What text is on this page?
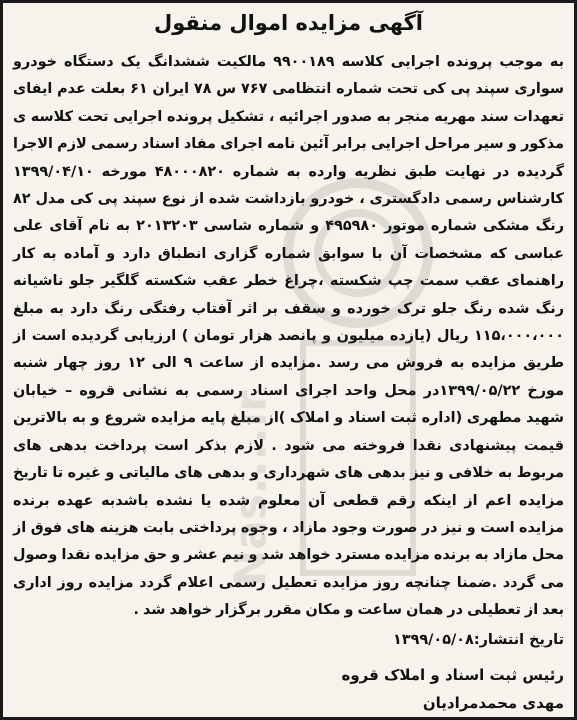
آگهی مزایده اموال منقول
به موجب پرونده اجرایی کلاسه ۹۹۰۰۱۸۹ مالکیت ششدانگ یک دستگاه خودرو سواری سپند پی کی تحت شماره انتظامی ۷۶۷ س ۷۸ ایران ۶۱ بعلت عدم ایفای تعهدات سند مهریه منجر به صدور اجرائیه ، تشکیل پرونده اجرایی تحت کلاسه ی مذکور و سیر مراحل اجرایی برابر آئین نامه اجرای مفاد اسناد رسمی لازم الاجرا گردیده در نهایت طبق نظریه وارده به شماره ۴۸۰۰۰۸۲۰ مورخه ۱۳۹۹/۰۴/۱۰ کارشناس رسمی دادگستری ، خودرو بازداشت شده از نوع سپند پی کی مدل ۸۲ رنگ مشکی شماره موتور ۴۹۵۹۸۰ و شماره شاسی ۲۰۱۳۲۰۳ به نام آقای علی عباسی که مشخصات آن با سوابق شماره گزاری انطباق دارد و آماده به کار راهنمای عقب سمت چپ شکسته ،چراغ خطر عقب شکسته گلگیر جلو ناشیانه رنگ شده رنگ جلو ترک خورده و سقف بر اثر آفتاب رفتگی رنگ دارد به مبلغ ۱۱۵،۰۰۰،۰۰۰ ریال (یازده میلیون و پانصد هزار تومان ) ارزیابی گردیده است از طریق مزایده به فروش می رسد .مزایده از ساعت ۹ الی ۱۲ روز چهار شنبه مورخ ۱۳۹۹/۰۵/۲۲در محل واحد اجرای اسناد رسمی به نشانی قروه – خیابان شهید مطهری (اداره ثبت اسناد و املاک )از مبلغ پایه مزایده شروع و به بالاترین قیمت پیشنهادی نقدا فروخته می شود . لازم بذکر است پرداخت بدهی های مربوط به خلافی و نیز بدهی های شهرداری و بدهی های مالیاتی و غیره تا تاریخ مزایده اعم از اینکه رقم قطعی آن معلوم شده یا نشده باشدبه عهده برنده مزایده است و نیز در صورت وجود مازاد ، وجوه پرداختی بابت هزینه های فوق از محل مازاد به برنده مزایده مسترد خواهد شد و نیم عشر و حق مزایده نقدا وصول می گردد .ضمنا چنانچه روز مزایده تعطیل رسمی اعلام گردد مزایده روز اداری بعد از تعطیلی در همان ساعت و مکان مقرر برگزار خواهد شد .
تاریخ انتشار:۱۳۹۹/۰۵/۰۸
رئیس ثبت اسناد و املاک قروه
مهدی محمدمرادیان
Nas....ir
